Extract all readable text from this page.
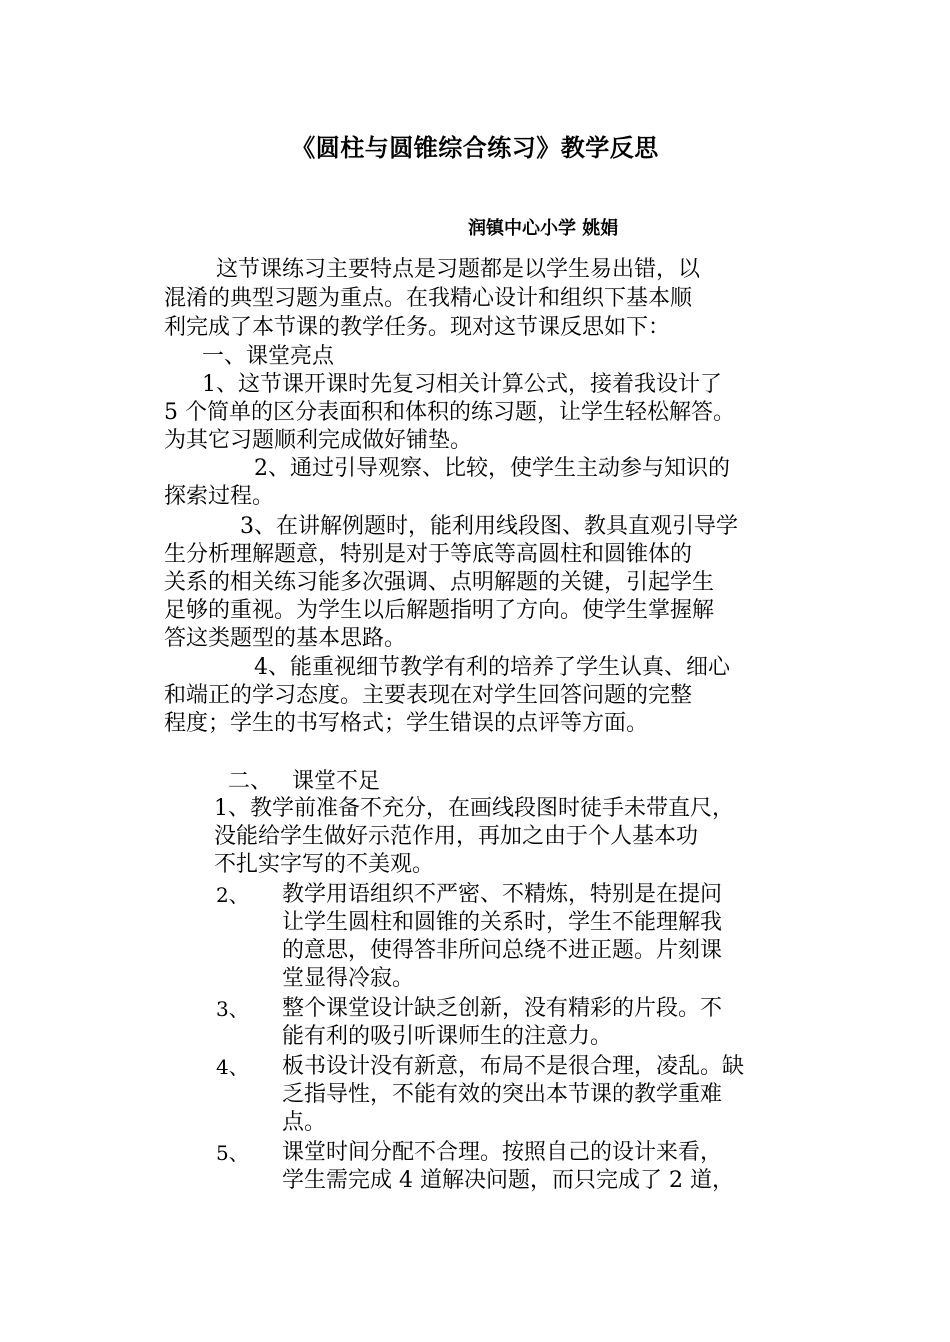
《圆柱与圆锥综合练习》教学反思
润镇中心小学 姚娟
这节课练习主要特点是习题都是以学生易出错，以
混淆的典型习题为重点。在我精心设计和组织下基本顺
利完成了本节课的教学任务。现对这节课反思如下：
一、课堂亮点
1、这节课开课时先复习相关计算公式，接着我设计了
5 个简单的区分表面积和体积的练习题，让学生轻松解答。
为其它习题顺利完成做好铺垫。
2、通过引导观察、比较，使学生主动参与知识的
探索过程。
3、在讲解例题时，能利用线段图、教具直观引导学
生分析理解题意，特别是对于等底等高圆柱和圆锥体的
关系的相关练习能多次强调、点明解题的关键，引起学生
足够的重视。为学生以后解题指明了方向。使学生掌握解
答这类题型的基本思路。
4、能重视细节教学有利的培养了学生认真、细心
和端正的学习态度。主要表现在对学生回答问题的完整
程度；学生的书写格式；学生错误的点评等方面。
二、 课堂不足
1、教学前准备不充分，在画线段图时徒手未带直尺，
没能给学生做好示范作用，再加之由于个人基本功
不扎实字写的不美观。
2、 教学用语组织不严密、不精炼，特别是在提问
让学生圆柱和圆锥的关系时，学生不能理解我
的意思，使得答非所问总绕不进正题。片刻课
堂显得冷寂。
3、 整个课堂设计缺乏创新，没有精彩的片段。不
能有利的吸引听课师生的注意力。
4、 板书设计没有新意，布局不是很合理，凌乱。缺
乏指导性，不能有效的突出本节课的教学重难
点。
5、 课堂时间分配不合理。按照自己的设计来看，
学生需完成 4 道解决问题，而只完成了 2 道，
